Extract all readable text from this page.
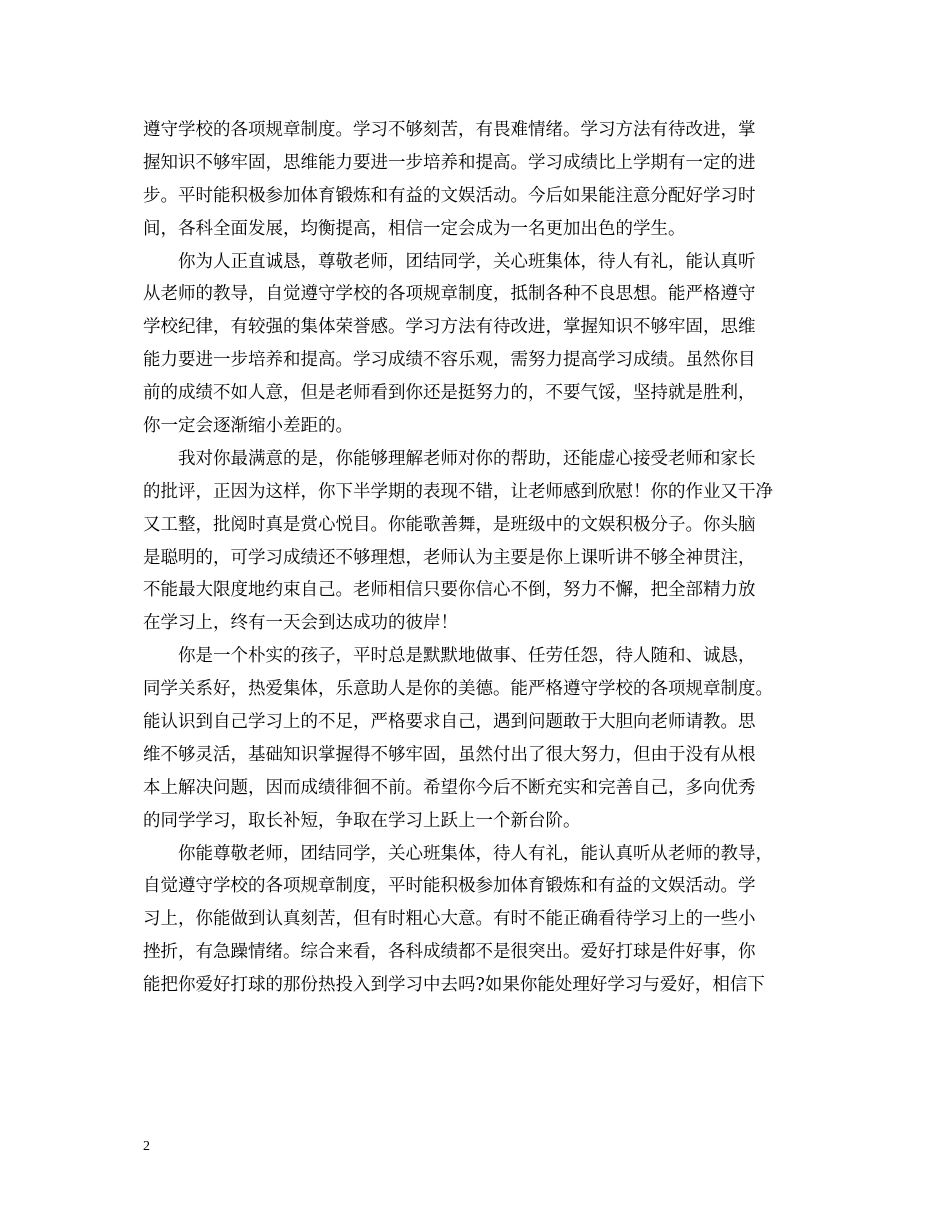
遵守学校的各项规章制度。学习不够刻苦，有畏难情绪。学习方法有待改进，掌
握知识不够牢固，思维能力要进一步培养和提高。学习成绩比上学期有一定的进
步。平时能积极参加体育锻炼和有益的文娱活动。今后如果能注意分配好学习时
间，各科全面发展，均衡提高，相信一定会成为一名更加出色的学生。
你为人正直诚恳，尊敬老师，团结同学，关心班集体，待人有礼，能认真听
从老师的教导，自觉遵守学校的各项规章制度，抵制各种不良思想。能严格遵守
学校纪律，有较强的集体荣誉感。学习方法有待改进，掌握知识不够牢固，思维
能力要进一步培养和提高。学习成绩不容乐观，需努力提高学习成绩。虽然你目
前的成绩不如人意，但是老师看到你还是挺努力的，不要气馁，坚持就是胜利，
你一定会逐渐缩小差距的。
我对你最满意的是，你能够理解老师对你的帮助，还能虚心接受老师和家长
的批评，正因为这样，你下半学期的表现不错，让老师感到欣慰！你的作业又干净
又工整，批阅时真是赏心悦目。你能歌善舞，是班级中的文娱积极分子。你头脑
是聪明的，可学习成绩还不够理想，老师认为主要是你上课听讲不够全神贯注，
不能最大限度地约束自己。老师相信只要你信心不倒，努力不懈，把全部精力放
在学习上，终有一天会到达成功的彼岸！
你是一个朴实的孩子，平时总是默默地做事、任劳任怨，待人随和、诚恳，
同学关系好，热爱集体，乐意助人是你的美德。能严格遵守学校的各项规章制度。
能认识到自己学习上的不足，严格要求自己，遇到问题敢于大胆向老师请教。思
维不够灵活，基础知识掌握得不够牢固，虽然付出了很大努力，但由于没有从根
本上解决问题，因而成绩徘徊不前。希望你今后不断充实和完善自己，多向优秀
的同学学习，取长补短，争取在学习上跃上一个新台阶。
你能尊敬老师，团结同学，关心班集体，待人有礼，能认真听从老师的教导，
自觉遵守学校的各项规章制度，平时能积极参加体育锻炼和有益的文娱活动。学
习上，你能做到认真刻苦，但有时粗心大意。有时不能正确看待学习上的一些小
挫折，有急躁情绪。综合来看，各科成绩都不是很突出。爱好打球是件好事，你
能把你爱好打球的那份热投入到学习中去吗?如果你能处理好学习与爱好，相信下
2
